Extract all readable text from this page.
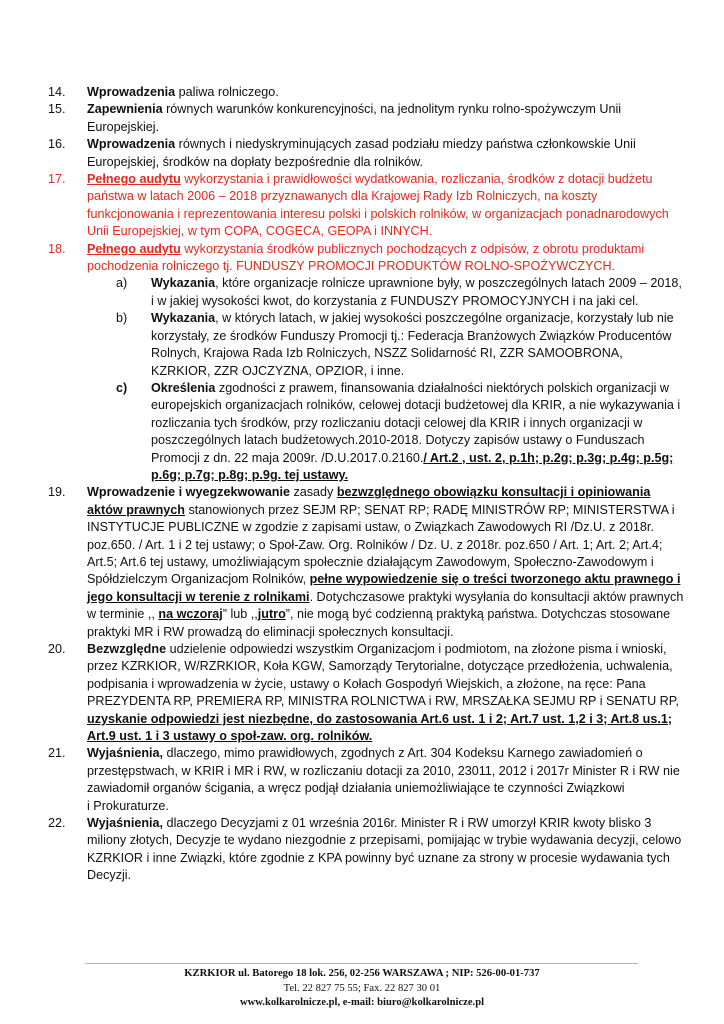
14.	Wprowadzenia paliwa rolniczego.
15.	Zapewnienia równych warunków konkurencyjności, na jednolitym rynku rolno-spożywczym Unii Europejskiej.
16.	Wprowadzenia równych i niedyskryminujących zasad podziału miedzy państwa członkowskie Unii Europejskiej, środków na dopłaty bezpośrednie dla rolników.
17.	Pełnego audytu wykorzystania i prawidłowości wydatkowania, rozliczania, środków z dotacji budżetu państwa w latach 2006 – 2018 przyznawanych dla Krajowej Rady Izb Rolniczych, na koszty funkcjonowania i reprezentowania interesu polski i polskich rolników, w organizacjach ponadnarodowych Unii Europejskiej, w tym COPA, COGECA, GEOPA i INNYCH.
18.	Pełnego audytu wykorzystania środków publicznych pochodzących z odpisów, z obrotu produktami pochodzenia rolniczego tj. FUNDUSZY PROMOCJI PRODUKTÓW ROLNO-SPOŻYWCZYCH.
a) Wykazania, które organizacje rolnicze uprawnione były, w poszczególnych latach 2009 – 2018, i w jakiej wysokości kwot, do korzystania z FUNDUSZY PROMOCYJNYCH i na jaki cel.
b) Wykazania, w których latach, w jakiej wysokości poszczególne organizacje, korzystały lub nie korzystały, ze środków Funduszy Promocji tj.: Federacja Branżowych Związków Producentów Rolnych, Krajowa Rada Izb Rolniczych, NSZZ Solidarność RI, ZZR SAMOOBRONA, KZRKIOR, ZZR OJCZYZNA, OPZIOR, i inne.
c) Określenia zgodności z prawem, finansowania działalności niektórych polskich organizacji w europejskich organizacjach rolników, celowej dotacji budżetowej dla KRIR, a nie wykazywania i rozliczania tych środków, przy rozliczaniu dotacji celowej dla KRIR i innych organizacji w poszczególnych latach budżetowych.2010-2018. Dotyczy zapisów ustawy o Funduszach Promocji z dn. 22 maja 2009r. /D.U.2017.0.2160./ Art.2 , ust. 2, p.1h; p.2g; p.3g; p.4g; p.5g; p.6g; p.7g; p.8g; p.9g. tej ustawy.
19.	Wprowadzenie i wyegzekwowanie zasady bezwzględnego obowiązku konsultacji i opiniowania aktów prawnych stanowionych przez SEJM RP; SENAT RP; RADĘ MINISTRÓW RP; MINISTERSTWA i INSTYTUCJE PUBLICZNE w zgodzie z zapisami ustaw, o Związkach Zawodowych RI /Dz.U. z 2018r. poz.650. / Art. 1 i 2 tej ustawy; o Społ-Zaw. Org. Rolników / Dz. U. z 2018r. poz.650 / Art. 1; Art. 2; Art.4; Art.5; Art.6 tej ustawy, umożliwiającym społecznie działającym Zawodowym, Społeczno-Zawodowym i Spółdzielczym Organizacjom Rolników, pełne wypowiedzenie się o treści tworzonego aktu prawnego i jego konsultacji w terenie z rolnikami. Dotychczasowe praktyki wysyłania do konsultacji aktów prawnych w terminie ,, na wczoraj” lub ,,jutro”, nie mogą być codzienną praktyką państwa. Dotychczas stosowane praktyki MR i RW prowadzą do eliminacji społecznych konsultacji.
20.	Bezwzględne udzielenie odpowiedzi wszystkim Organizacjom i podmiotom, na złożone pisma i wnioski, przez KZRKIOR, W/RZRKIOR, Koła KGW, Samorządy Terytorialne, dotyczące przedłożenia, uchwalenia, podpisania i wprowadzenia w życie, ustawy o Kołach Gospodyń Wiejskich, a złożone, na ręce: Pana PREZYDENTA RP, PREMIERA RP, MINISTRA ROLNICTWA i RW, MRSZAŁKA SEJMU RP i SENATU RP, uzyskanie odpowiedzi jest niezbędne, do zastosowania Art.6 ust. 1 i 2; Art.7 ust. 1,2 i 3; Art.8 us.1; Art.9 ust. 1 i 3 ustawy o społ-zaw. org. rolników.
21.	Wyjaśnienia, dlaczego, mimo prawidłowych, zgodnych z Art. 304 Kodeksu Karnego zawiadomień o przestępstwach, w KRIR i MR i RW, w rozliczaniu dotacji za 2010, 23011, 2012 i 2017r Minister R i RW nie zawiadomił organów ścigania, a wręcz podjął działania uniemożliwiające te czynności Związkowi
i Prokuraturze.
22.	Wyjaśnienia, dlaczego Decyzjami z 01 września 2016r. Minister R i RW umorzył KRIR kwoty blisko 3 miliony złotych, Decyzje te wydano niezgodnie z przepisami, pomijając w trybie wydawania decyzji, celowo KZRKIOR i inne Związki, które zgodnie z KPA powinny być uznane za strony w procesie wydawania tych Decyzji.
KZRKIOR ul. Batorego 18 lok. 256, 02-256 WARSZAWA ; NIP: 526-00-01-737
Tel. 22 827 75 55; Fax. 22 827 30 01
www.kolkarolnicze.pl, e-mail: biuro@kolkarolnicze.pl
